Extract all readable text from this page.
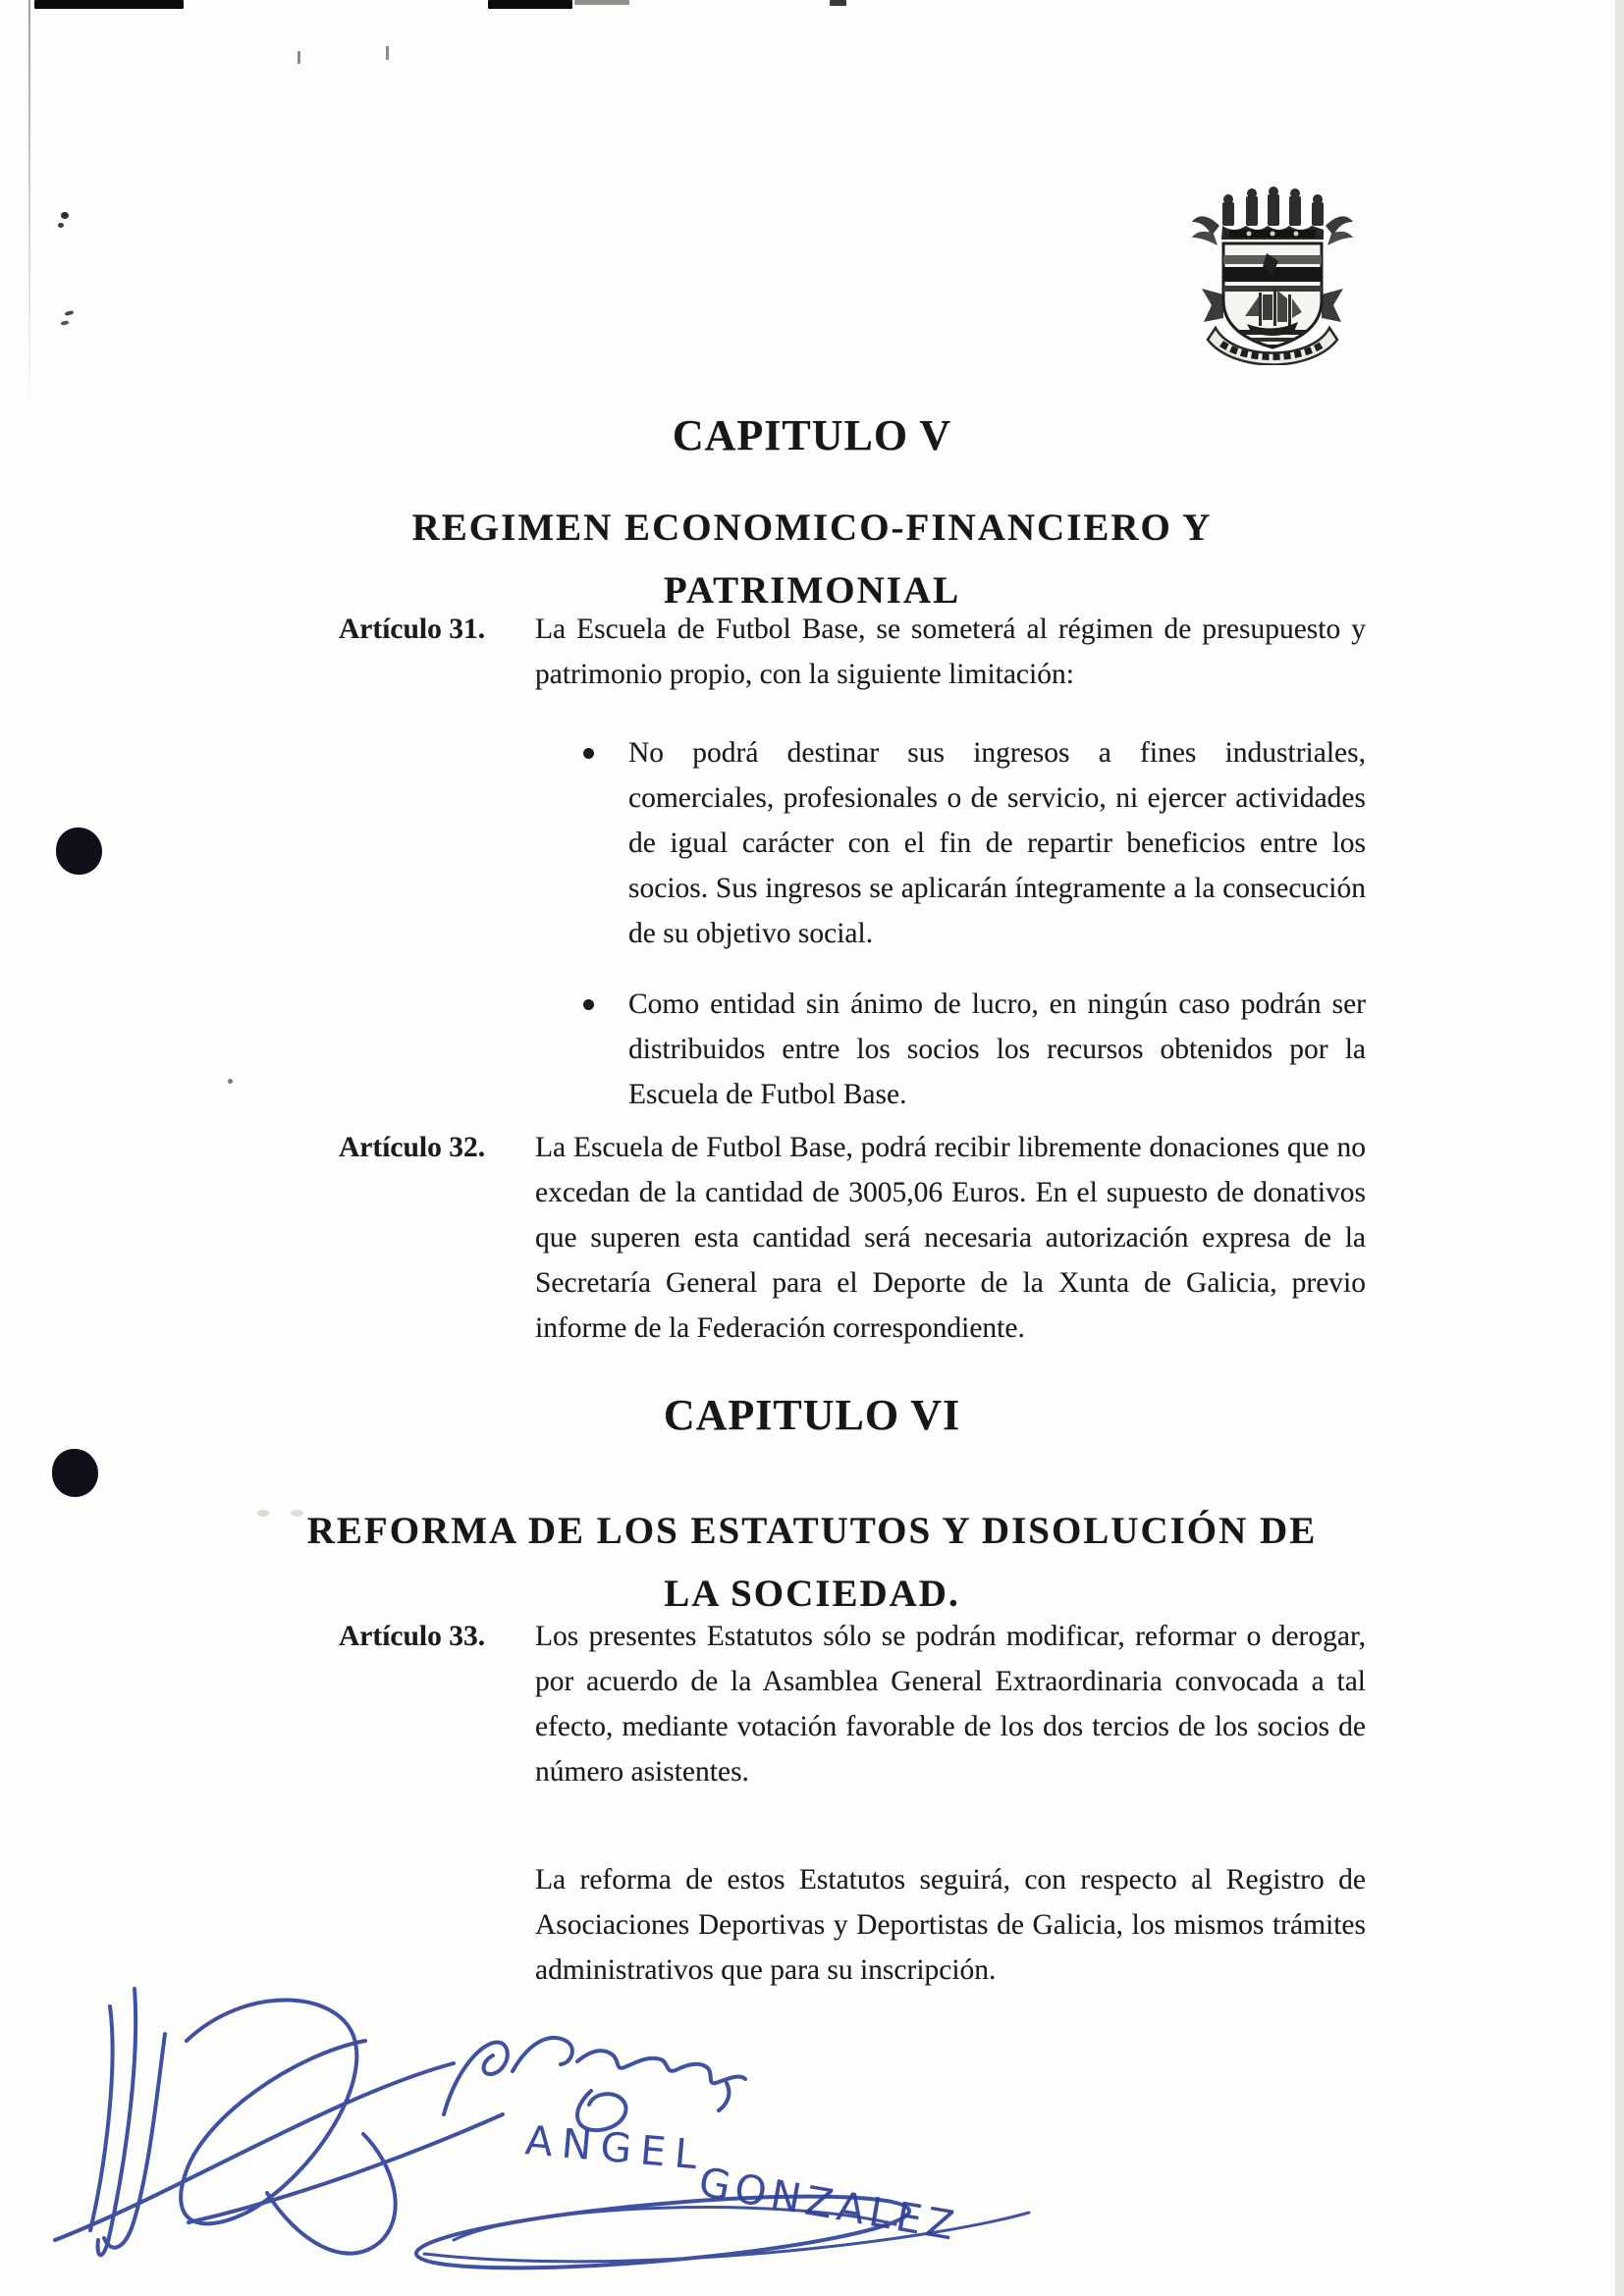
CAPITULO V
REGIMEN ECONOMICO-FINANCIERO Y PATRIMONIAL
Artículo 31.	La Escuela de Futbol Base, se someterá al régimen de presupuesto y patrimonio propio, con la siguiente limitación:

No podrá destinar sus ingresos a fines industriales, comerciales, profesionales o de servicio, ni ejercer actividades de igual carácter con el fin de repartir beneficios entre los socios. Sus ingresos se aplicarán íntegramente a la consecución de su objetivo social.
Como entidad sin ánimo de lucro, en ningún caso podrán ser distribuidos entre los socios los recursos obtenidos por la Escuela de Futbol Base.
Artículo 32.	La Escuela de Futbol Base, podrá recibir libremente donaciones que no excedan de la cantidad de 3005,06 Euros. En el supuesto de donativos que superen esta cantidad será necesaria autorización expresa de la Secretaría General para el Deporte de la Xunta de Galicia, previo informe de la Federación correspondiente.

CAPITULO VI
REFORMA DE LOS ESTATUTOS Y DISOLUCIÓN DE LA SOCIEDAD.
Artículo 33.	Los presentes Estatutos sólo se podrán modificar, reformar o derogar, por acuerdo de la Asamblea General Extraordinaria convocada a tal efecto, mediante votación favorable de los dos tercios de los socios de número asistentes.

La reforma de estos Estatutos seguirá, con respecto al Registro de Asociaciones Deportivas y Deportistas de Galicia, los mismos trámites administrativos que para su inscripción.

ANGEL
GONZALEZ
